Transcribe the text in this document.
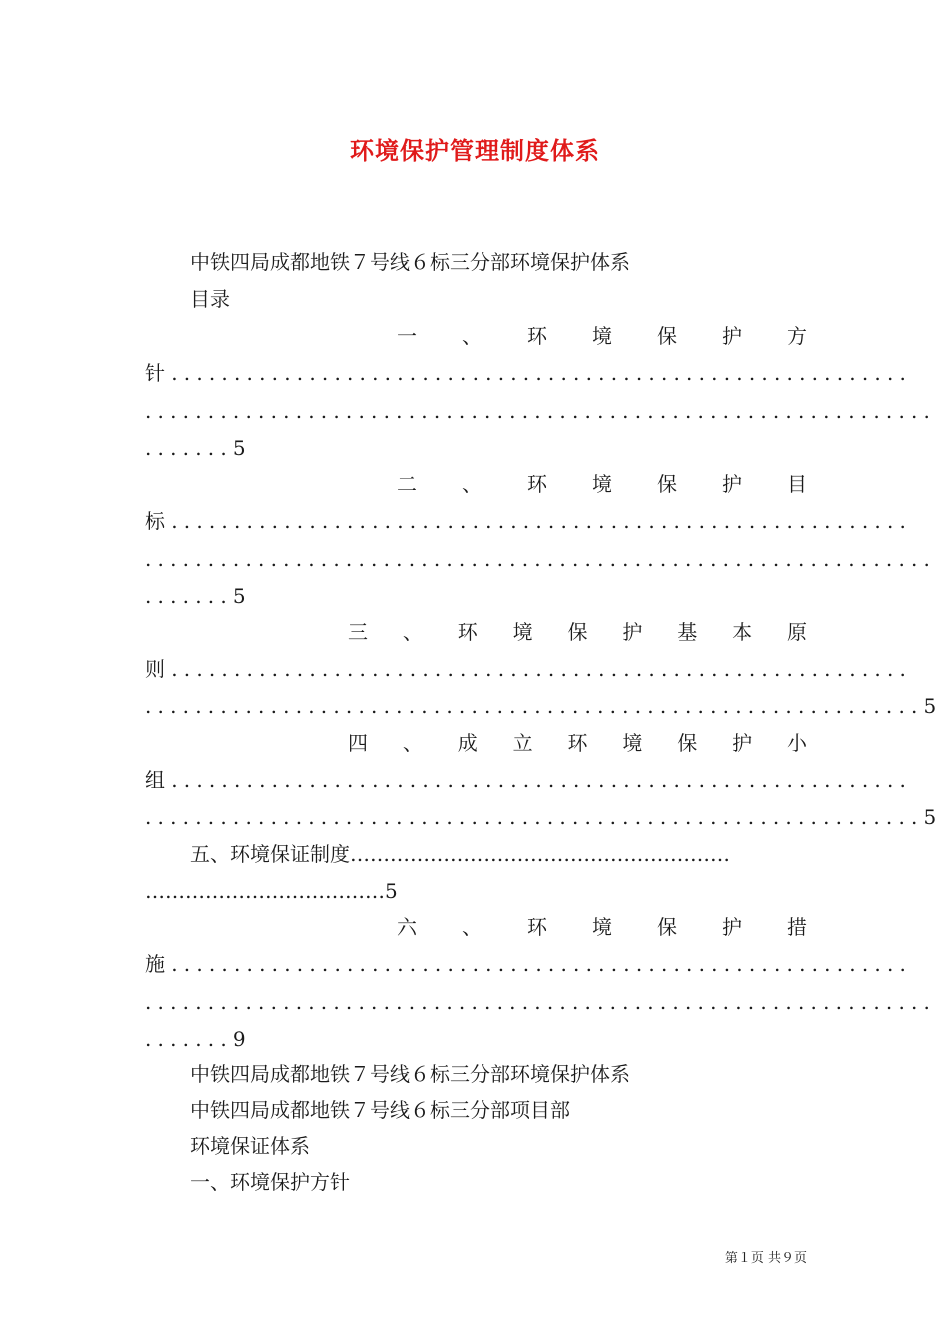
环境保护管理制度体系
中铁四局成都地铁７号线６标三分部环境保护体系
目录
一 、 环 境 保 护 方
针...........................................................
...............................................................
.......5
二 、 环 境 保 护 目
标...........................................................
...............................................................
.......5
三 、 环 境 保 护 基 本 原
则...........................................................
..............................................................5
四 、 成 立 环 境 保 护 小
组...........................................................
..............................................................5
五、环境保证制度…………………………………………………
………………………………5
六 、 环 境 保 护 措
施...........................................................
...............................................................
.......9
中铁四局成都地铁７号线６标三分部环境保护体系
中铁四局成都地铁７号线６标三分部项目部
环境保证体系
一、环境保护方针
第１页 共９页
